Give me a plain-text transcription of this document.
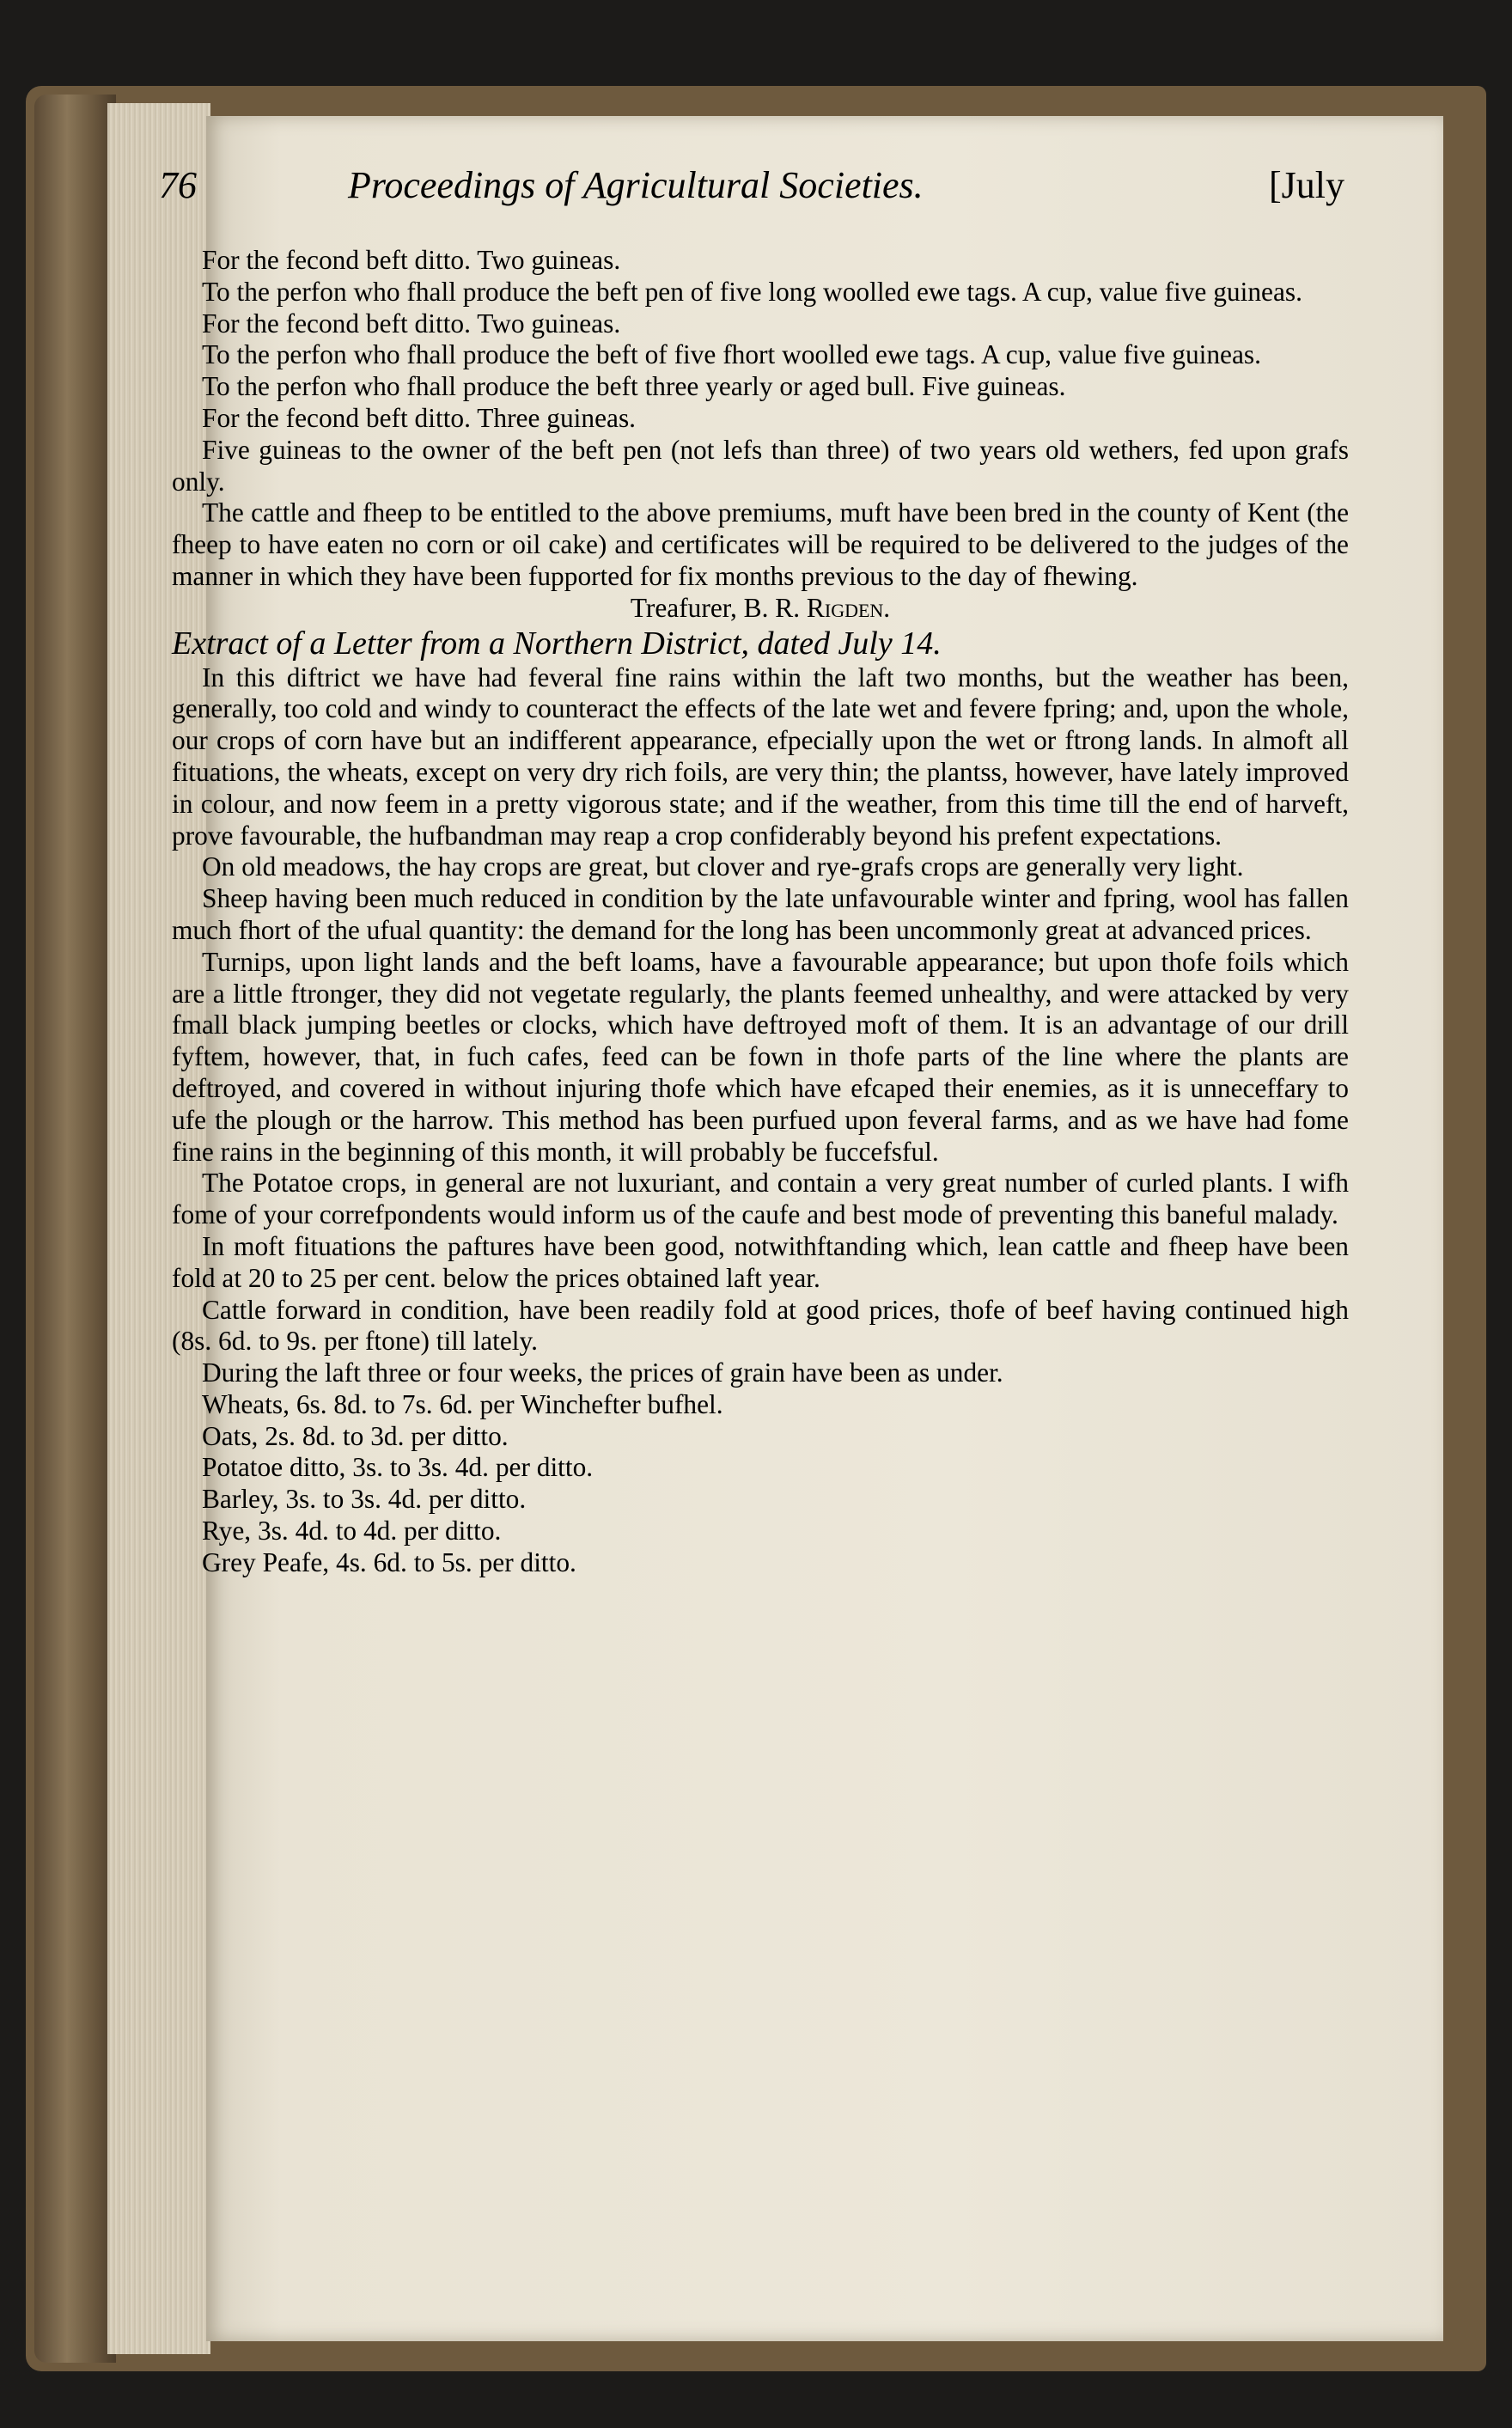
76	Proceedings of Agricultural Societies.	[July

For the fecond beft ditto. Two guineas.

To the perfon who fhall produce the beft pen of five long woolled ewe tags. A cup, value five guineas.

For the fecond beft ditto. Two guineas.

To the perfon who fhall produce the beft of five fhort woolled ewe tags. A cup, value five guineas.

To the perfon who fhall produce the beft three yearly or aged bull. Five guineas.

For the fecond beft ditto. Three guineas.

Five guineas to the owner of the beft pen (not lefs than three) of two years old wethers, fed upon grafs only.

The cattle and fheep to be entitled to the above premiums, muft have been bred in the county of Kent (the fheep to have eaten no corn or oil cake) and certificates will be required to be delivered to the judges of the manner in which they have been fupported for fix months previous to the day of fhewing.

Treafurer, B. R. Rigden.

Extract of a Letter from a Northern District, dated July 14.

In this diftrict we have had feveral fine rains within the laft two months, but the weather has been, generally, too cold and windy to counteract the effects of the late wet and fevere fpring; and, upon the whole, our crops of corn have but an indifferent appearance, efpecially upon the wet or ftrong lands. In almoft all fituations, the wheats, except on very dry rich foils, are very thin; the plantss, however, have lately improved in colour, and now feem in a pretty vigorous state; and if the weather, from this time till the end of harveft, prove favourable, the hufbandman may reap a crop confiderably beyond his prefent expectations.

On old meadows, the hay crops are great, but clover and rye-grafs crops are generally very light.

Sheep having been much reduced in condition by the late unfavourable winter and fpring, wool has fallen much fhort of the ufual quantity: the demand for the long has been uncommonly great at advanced prices.

Turnips, upon light lands and the beft loams, have a favourable appearance; but upon thofe foils which are a little ftronger, they did not vegetate regularly, the plants feemed unhealthy, and were attacked by very fmall black jumping beetles or clocks, which have deftroyed moft of them. It is an advantage of our drill fyftem, however, that, in fuch cafes, feed can be fown in thofe parts of the line where the plants are deftroyed, and covered in without injuring thofe which have efcaped their enemies, as it is unneceffary to ufe the plough or the harrow. This method has been purfued upon feveral farms, and as we have had fome fine rains in the beginning of this month, it will probably be fuccefsful.

The Potatoe crops, in general are not luxuriant, and contain a very great number of curled plants. I wifh fome of your correfpondents would inform us of the caufe and best mode of preventing this baneful malady.

In moft fituations the paftures have been good, notwithftanding which, lean cattle and fheep have been fold at 20 to 25 per cent. below the prices obtained laft year.

Cattle forward in condition, have been readily fold at good prices, thofe of beef having continued high (8s. 6d. to 9s. per ftone) till lately.

During the laft three or four weeks, the prices of grain have been as under.

Wheats, 6s. 8d. to 7s. 6d. per Winchefter bufhel.

Oats, 2s. 8d. to 3d. per ditto.

Potatoe ditto, 3s. to 3s. 4d. per ditto.

Barley, 3s. to 3s. 4d. per ditto.

Rye, 3s. 4d. to 4d. per ditto.

Grey Peafe, 4s. 6d. to 5s. per ditto.
